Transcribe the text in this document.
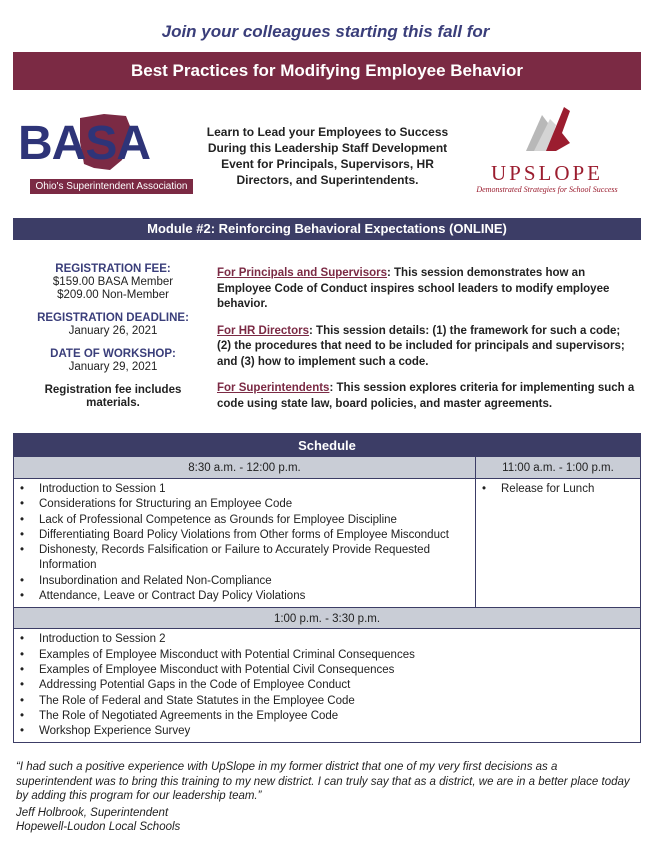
Join your colleagues starting this fall for
Best Practices for Modifying Employee Behavior
BASA
Ohio's Superintendent Association
Learn to Lead your Employees to Success
During this Leadership Staff Development
Event for Principals, Supervisors, HR
Directors, and Superintendents.	UPSLOPE
Demonstrated Strategies for School Success
Module #2: Reinforcing Behavioral Expectations (ONLINE)
REGISTRATION FEE:
$159.00 BASA Member
$209.00 Non-Member
REGISTRATION DEADLINE:
January 26, 2021
DATE OF WORKSHOP:
January 29, 2021
Registration fee includes materials.

For Principals and Supervisors: This session demonstrates how an Employee Code of Conduct inspires school leaders to modify employee behavior.

For HR Directors: This session details: (1) the framework for such a code; (2) the procedures that need to be included for principals and supervisors; and (3) how to implement such a code.

For Superintendents: This session explores criteria for implementing such a code using state law, board policies, and master agreements.

Schedule
8:30 a.m. - 12:00 p.m.
• Introduction to Session 1
• Considerations for Structuring an Employee Code
• Lack of Professional Competence as Grounds for Employee Discipline
• Differentiating Board Policy Violations from Other forms of Employee Misconduct
• Dishonesty, Records Falsification or Failure to Accurately Provide Requested Information
• Insubordination and Related Non-Compliance
• Attendance, Leave or Contract Day Policy Violations
11:00 a.m. - 1:00 p.m.
• Release for Lunch
1:00 p.m. - 3:30 p.m.
• Introduction to Session 2
• Examples of Employee Misconduct with Potential Criminal Consequences
• Examples of Employee Misconduct with Potential Civil Consequences
• Addressing Potential Gaps in the Code of Employee Conduct
• The Role of Federal and State Statutes in the Employee Code
• The Role of Negotiated Agreements in the Employee Code
• Workshop Experience Survey
“I had such a positive experience with UpSlope in my former district that one of my very first decisions as a superintendent was to bring this training to my new district. I can truly say that as a district, we are in a better place today by adding this program for our leadership team.”
Jeff Holbrook, Superintendent
Hopewell-Loudon Local Schools
